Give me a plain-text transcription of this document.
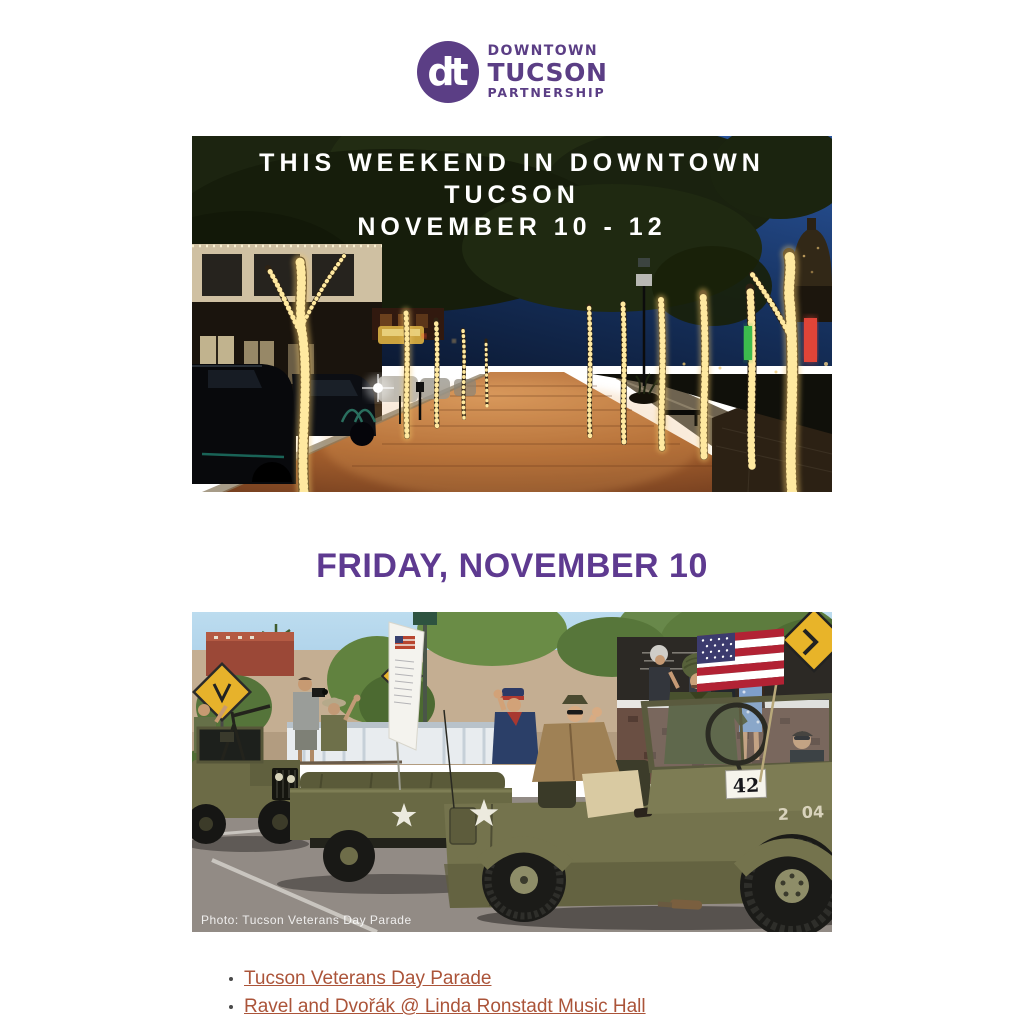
dt DOWNTOWN
TUCSON
PARTNERSHIP
THIS WEEKEND IN DOWNTOWN TUCSON
NOVEMBER 10 - 12
FRIDAY, NOVEMBER 10
42
2 04
Photo: Tucson Veterans Day Parade
Tucson Veterans Day Parade
Ravel and Dvořák @ Linda Ronstadt Music Hall
